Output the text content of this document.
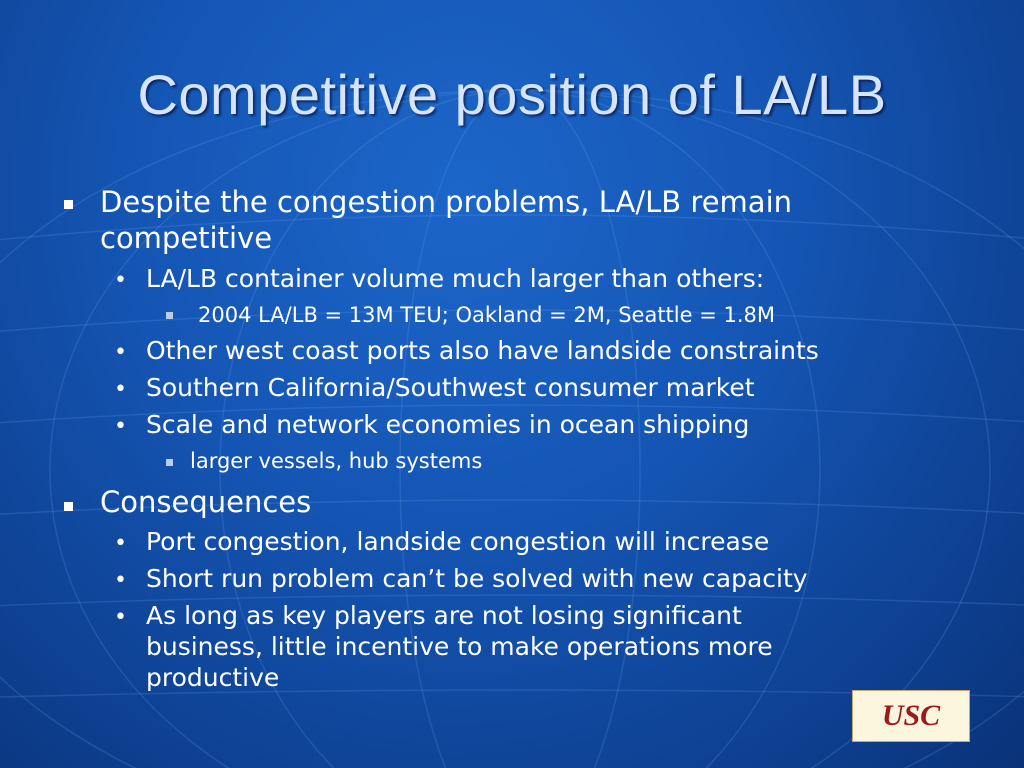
Competitive position of LA/LB
Despite the congestion problems, LA/LB remain
competitive
• LA/LB container volume much larger than others:
2004 LA/LB = 13M TEU; Oakland = 2M, Seattle = 1.8M
• Other west coast ports also have landside constraints
• Southern California/Southwest consumer market
• Scale and network economies in ocean shipping
larger vessels, hub systems
Consequences
• Port congestion, landside congestion will increase
• Short run problem can’t be solved with new capacity
• As long as key players are not losing significant
business, little incentive to make operations more
productive
USC
